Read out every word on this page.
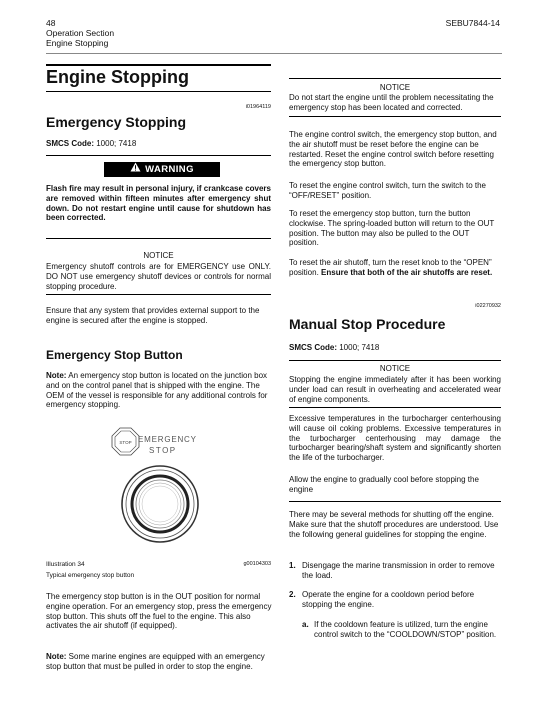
48
Operation Section
Engine Stopping
SEBU7844-14
Engine Stopping
i01964119
Emergency Stopping
SMCS Code: 1000; 7418
WARNING
Flash fire may result in personal injury, if crankcase covers are removed within fifteen minutes after emergency shut down. Do not restart engine until cause for shutdown has been corrected.
NOTICE
Emergency shutoff controls are for EMERGENCY use ONLY. DO NOT use emergency shutoff devices or controls for normal stopping procedure.
Ensure that any system that provides external support to the engine is secured after the engine is stopped.
Emergency Stop Button
Note: An emergency stop button is located on the junction box and on the control panel that is shipped with the engine. The OEM of the vessel is responsible for any additional controls for emergency stopping.
STOP EMERGENCY
STOP
Illustration 34	g00104303
Typical emergency stop button
The emergency stop button is in the OUT position for normal engine operation. For an emergency stop, press the emergency stop button. This shuts off the fuel to the engine. This also activates the air shutoff (if equipped).
Note: Some marine engines are equipped with an emergency stop button that must be pulled in order to stop the engine.
NOTICE
Do not start the engine until the problem necessitating the emergency stop has been located and corrected.
The engine control switch, the emergency stop button, and the air shutoff must be reset before the engine can be restarted. Reset the engine control switch before resetting the emergency stop button.
To reset the engine control switch, turn the switch to the “OFF/RESET” position.
To reset the emergency stop button, turn the button clockwise. The spring-loaded button will return to the OUT position. The button may also be pulled to the OUT position.
To reset the air shutoff, turn the reset knob to the “OPEN” position. Ensure that both of the air shutoffs are reset.
i02270932
Manual Stop Procedure
SMCS Code: 1000; 7418
NOTICE
Stopping the engine immediately after it has been working under load can result in overheating and accelerated wear of engine components.
Excessive temperatures in the turbocharger centerhousing will cause oil coking problems. Excessive temperatures in the turbocharger centerhousing may damage the turbocharger bearing/shaft system and significantly shorten the life of the turbocharger.
Allow the engine to gradually cool before stopping the engine
There may be several methods for shutting off the engine. Make sure that the shutoff procedures are understood. Use the following general guidelines for stopping the engine.
1. Disengage the marine transmission in order to remove the load.
2. Operate the engine for a cooldown period before stopping the engine.
a. If the cooldown feature is utilized, turn the engine control switch to the “COOLDOWN/STOP” position.
